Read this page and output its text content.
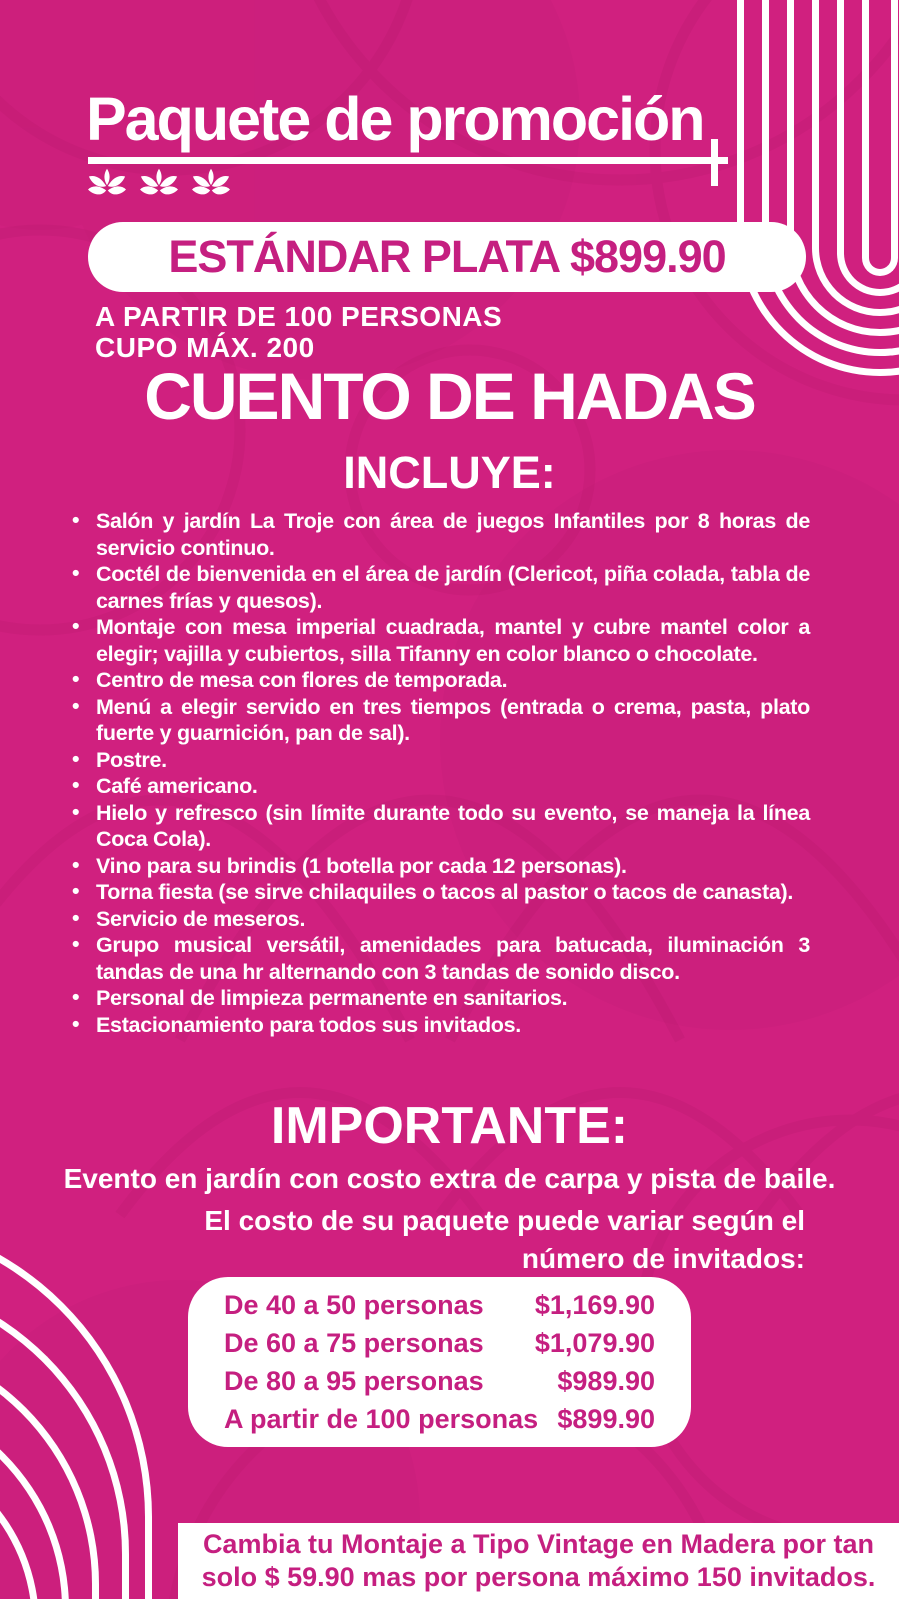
Paquete de promoción
ESTÁNDAR PLATA $899.90
A PARTIR DE 100 PERSONAS
CUPO MÁX. 200
CUENTO DE HADAS
INCLUYE:
• Salón y jardín La Troje con área de juegos Infantiles por 8 horas de servicio continuo.
• Coctél de bienvenida en el área de jardín (Clericot, piña colada, tabla de carnes frías y quesos).
• Montaje con mesa imperial cuadrada, mantel y cubre mantel color a elegir; vajilla y cubiertos, silla Tifanny en color blanco o chocolate.
• Centro de mesa con flores de temporada.
• Menú a elegir servido en tres tiempos (entrada o crema, pasta, plato fuerte y guarnición, pan de sal).
• Postre.
• Café americano.
• Hielo y refresco (sin límite durante todo su evento, se maneja la línea Coca Cola).
• Vino para su brindis (1 botella por cada 12 personas).
• Torna fiesta (se sirve chilaquiles o tacos al pastor o tacos de canasta).
• Servicio de meseros.
• Grupo musical versátil, amenidades para batucada, iluminación 3 tandas de una hr alternando con 3 tandas de sonido disco.
• Personal de limpieza permanente en sanitarios.
• Estacionamiento para todos sus invitados.
IMPORTANTE:
Evento en jardín con costo extra de carpa y pista de baile.
El costo de su paquete puede variar según el
número de invitados:
De 40 a 50 personas $1,169.90
De 60 a 75 personas $1,079.90
De 80 a 95 personas	$989.90
A partir de 100 personas $899.90
Cambia tu Montaje a Tipo Vintage en Madera por tan
solo $ 59.90 mas por persona máximo 150 invitados.
